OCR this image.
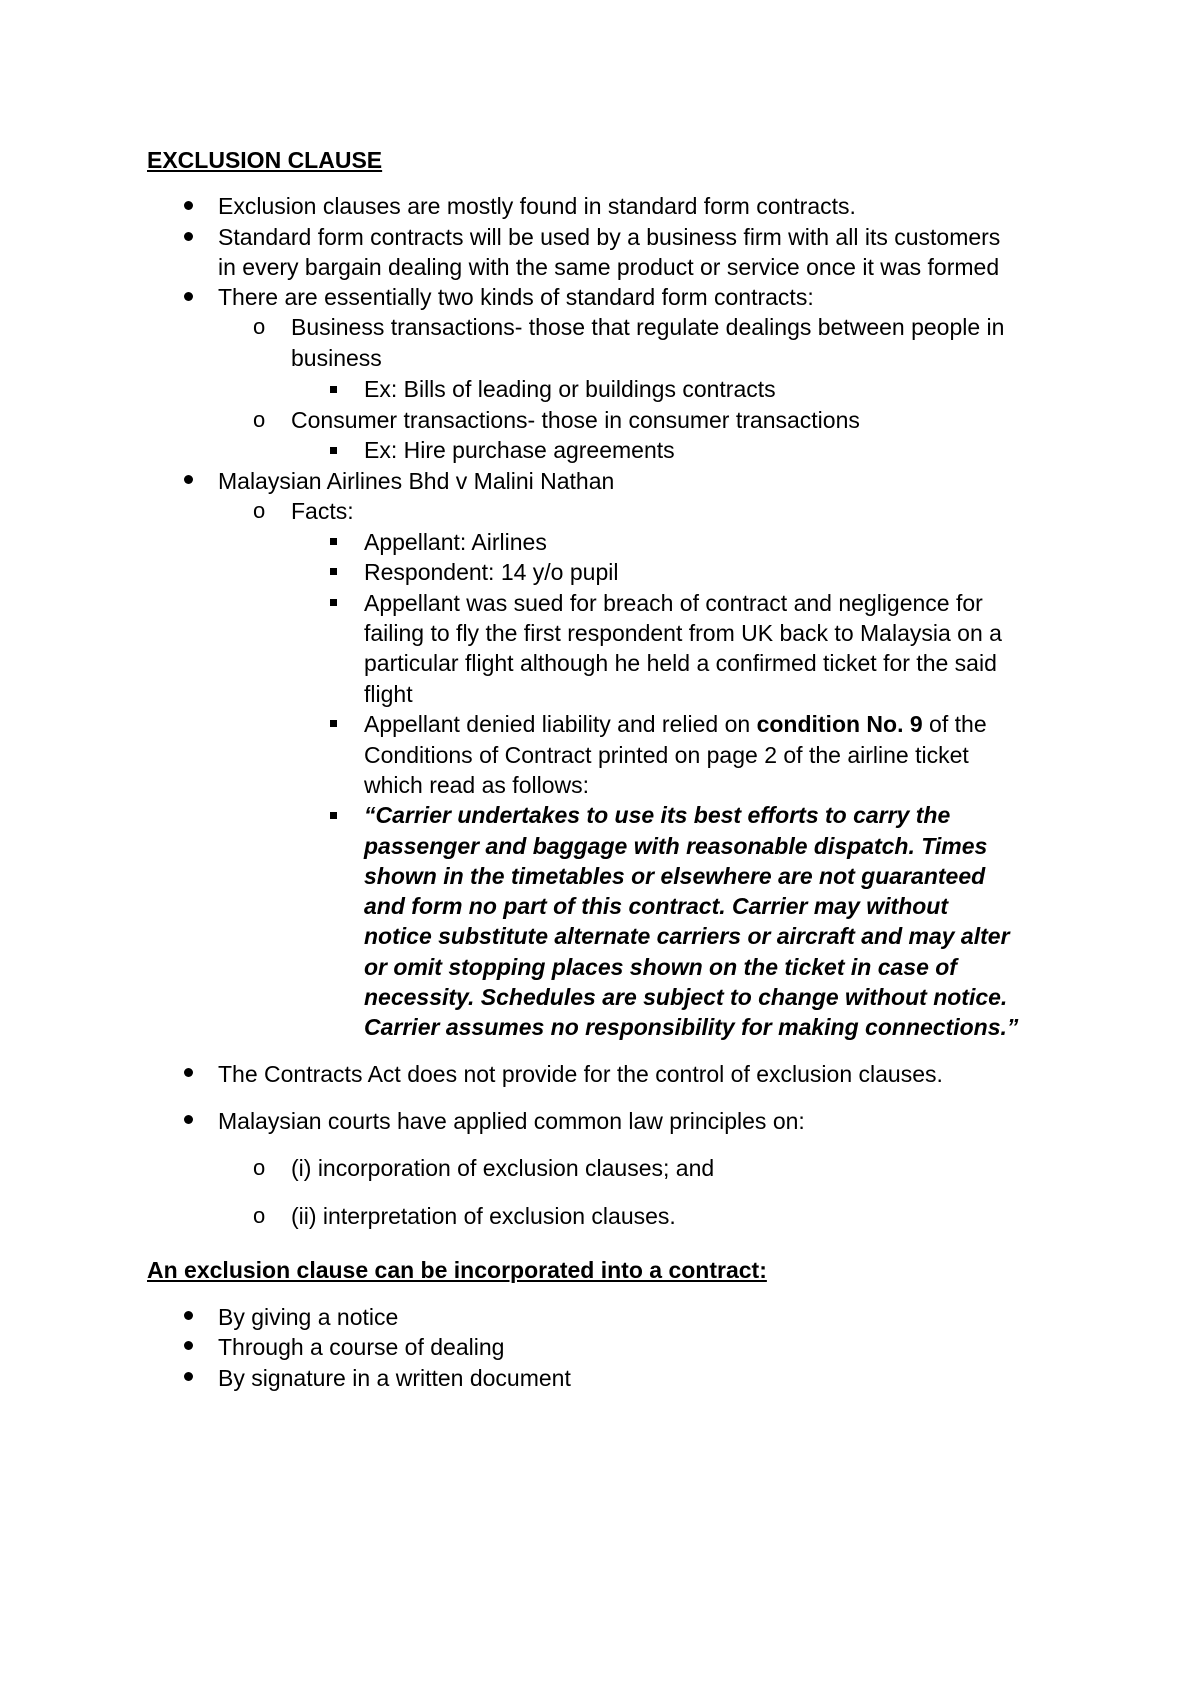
EXCLUSION CLAUSE
Exclusion clauses are mostly found in standard form contracts.
Standard form contracts will be used by a business firm with all its customers
in every bargain dealing with the same product or service once it was formed
There are essentially two kinds of standard form contracts:
o Business transactions- those that regulate dealings between people in
business
Ex: Bills of leading or buildings contracts
o Consumer transactions- those in consumer transactions
Ex: Hire purchase agreements
Malaysian Airlines Bhd v Malini Nathan
o Facts:
Appellant: Airlines
Respondent: 14 y/o pupil
Appellant was sued for breach of contract and negligence for
failing to fly the first respondent from UK back to Malaysia on a
particular flight although he held a confirmed ticket for the said
flight
Appellant denied liability and relied on condition No. 9 of the
Conditions of Contract printed on page 2 of the airline ticket
which read as follows:
“Carrier undertakes to use its best efforts to carry the
passenger and baggage with reasonable dispatch. Times
shown in the timetables or elsewhere are not guaranteed
and form no part of this contract. Carrier may without
notice substitute alternate carriers or aircraft and may alter
or omit stopping places shown on the ticket in case of
necessity. Schedules are subject to change without notice.
Carrier assumes no responsibility for making connections.”
The Contracts Act does not provide for the control of exclusion clauses.
Malaysian courts have applied common law principles on:
o (i) incorporation of exclusion clauses; and
o (ii) interpretation of exclusion clauses.
An exclusion clause can be incorporated into a contract:
By giving a notice
Through a course of dealing
By signature in a written document
